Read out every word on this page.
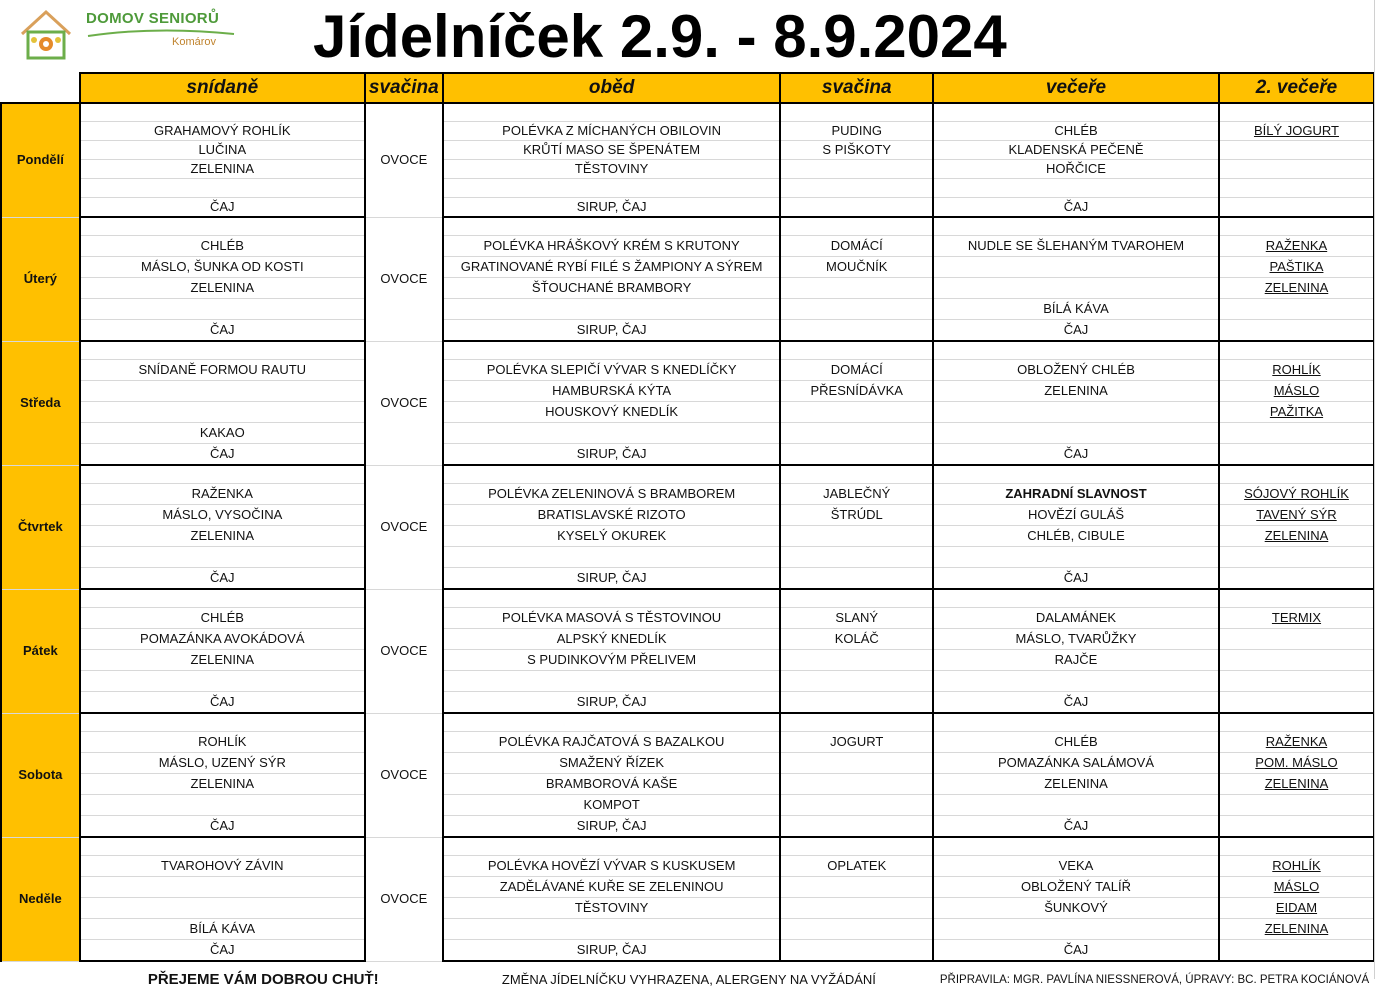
DOMOV SENIORŮ
Komárov Jídelníček 2.9. - 8.9.2024
	snídaně	svačina	oběd	svačina	večeře	2. večeře
Pondělí		OVOCE				
	GRAHAMOVÝ ROHLÍK		POLÉVKA Z MÍCHANÝCH OBILOVIN	PUDING	CHLÉB	BÍLÝ JOGURT
	LUČINA		KRŮTÍ MASO SE ŠPENÁTEM	S PIŠKOTY	KLADENSKÁ PEČENĚ	
	ZELENINA		TĚSTOVINY		HOŘČICE	

	ČAJ		SIRUP, ČAJ		ČAJ	
Úterý		OVOCE				
	CHLÉB		POLÉVKA HRÁŠKOVÝ KRÉM S KRUTONY	DOMÁCÍ	NUDLE SE ŠLEHANÝM TVAROHEM	RAŽENKA
	MÁSLO, ŠUNKA OD KOSTI		GRATINOVANÉ RYBÍ FILÉ S ŽAMPIONY A SÝREM	MOUČNÍK		PAŠTIKA
	ZELENINA		ŠŤOUCHANÉ BRAMBORY			ZELENINA
					BÍLÁ KÁVA	
	ČAJ		SIRUP, ČAJ		ČAJ	
Středa		OVOCE				
	SNÍDANĚ FORMOU RAUTU		POLÉVKA SLEPIČÍ VÝVAR S KNEDLÍČKY	DOMÁCÍ	OBLOŽENÝ CHLÉB	ROHLÍK
			HAMBURSKÁ KÝTA	PŘESNÍDÁVKA	ZELENINA	MÁSLO
			HOUSKOVÝ KNEDLÍK			PAŽITKA
	KAKAO					
	ČAJ		SIRUP, ČAJ		ČAJ	
Čtvrtek		OVOCE				
	RAŽENKA		POLÉVKA ZELENINOVÁ S BRAMBOREM	JABLEČNÝ	ZAHRADNÍ SLAVNOST	SÓJOVÝ ROHLÍK
	MÁSLO, VYSOČINA		BRATISLAVSKÉ RIZOTO	ŠTRÚDL	HOVĚZÍ GULÁŠ	TAVENÝ SÝR
	ZELENINA		KYSELÝ OKUREK		CHLÉB, CIBULE	ZELENINA

	ČAJ		SIRUP, ČAJ		ČAJ	
Pátek		OVOCE				
	CHLÉB		POLÉVKA MASOVÁ S TĚSTOVINOU	SLANÝ	DALAMÁNEK	TERMIX
	POMAZÁNKA AVOKÁDOVÁ		ALPSKÝ KNEDLÍK	KOLÁČ	MÁSLO, TVARŮŽKY	
	ZELENINA		S PUDINKOVÝM PŘELIVEM		RAJČE	

	ČAJ		SIRUP, ČAJ		ČAJ	
Sobota		OVOCE				
	ROHLÍK		POLÉVKA RAJČATOVÁ S BAZALKOU	JOGURT	CHLÉB	RAŽENKA
	MÁSLO, UZENÝ SÝR		SMAŽENÝ ŘÍZEK		POMAZÁNKA SALÁMOVÁ	POM. MÁSLO
	ZELENINA		BRAMBOROVÁ KAŠE		ZELENINA	ZELENINA
			KOMPOT			
	ČAJ		SIRUP, ČAJ		ČAJ	
Neděle		OVOCE				
	TVAROHOVÝ ZÁVIN		POLÉVKA HOVĚZÍ VÝVAR S KUSKUSEM	OPLATEK	VEKA	ROHLÍK
			ZADĚLÁVANÉ KUŘE SE ZELENINOU		OBLOŽENÝ TALÍŘ	MÁSLO
			TĚSTOVINY		ŠUNKOVÝ	EIDAM
	BÍLÁ KÁVA					ZELENINA
	ČAJ		SIRUP, ČAJ		ČAJ	
	PŘEJEME VÁM DOBROU CHUŤ!		ZMĚNA JÍDELNÍČKU VYHRAZENA, ALERGENY NA VYŽÁDÁNÍ		PŘIPRAVILA: MGR. PAVLÍNA NIESSNEROVÁ, ÚPRAVY: BC. PETRA KOCIÁNOVÁ	
